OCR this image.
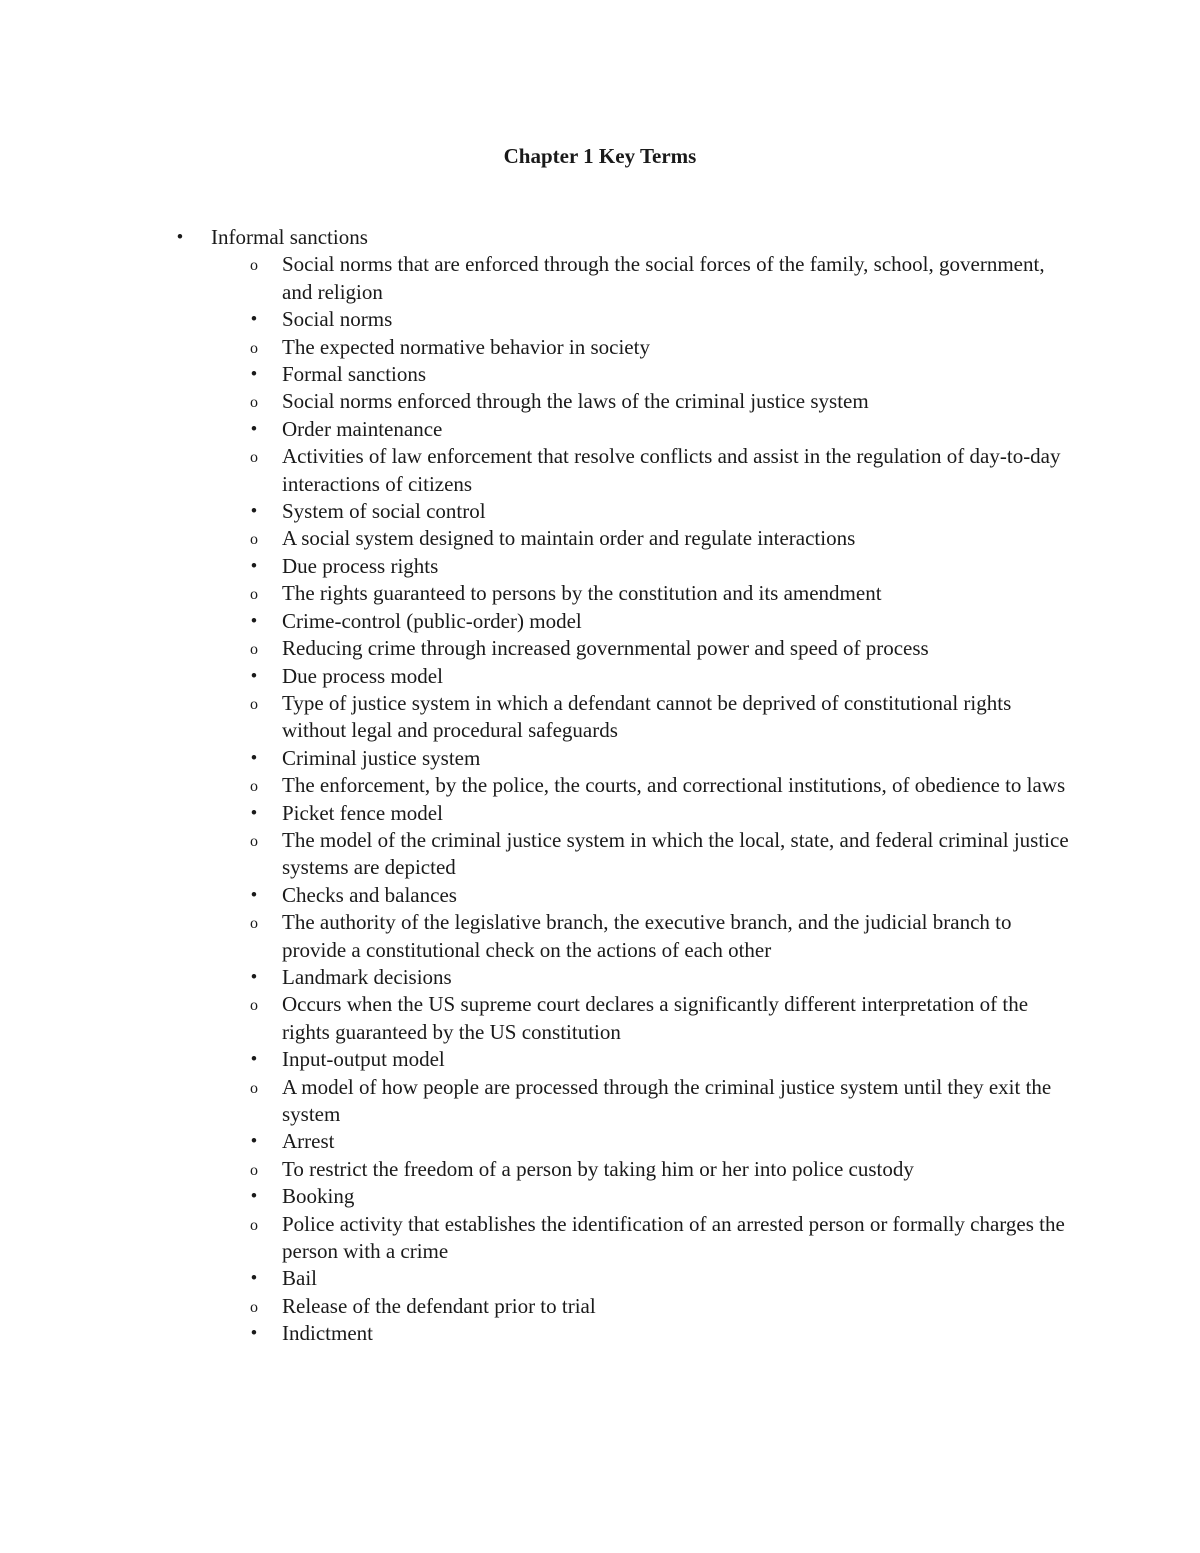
Chapter 1 Key Terms
•	Informal sanctions
o Social norms that are enforced through the social forces of the family, school, government, and religion
•	Social norms
o The expected normative behavior in society
•	Formal sanctions
o Social norms enforced through the laws of the criminal justice system
•	Order maintenance
o Activities of law enforcement that resolve conflicts and assist in the regulation of day-to-day interactions of citizens
•	System of social control
o A social system designed to maintain order and regulate interactions
•	Due process rights
o The rights guaranteed to persons by the constitution and its amendment
•	Crime-control (public-order) model
o Reducing crime through increased governmental power and speed of process
•	Due process model
o Type of justice system in which a defendant cannot be deprived of constitutional rights without legal and procedural safeguards
•	Criminal justice system
o The enforcement, by the police, the courts, and correctional institutions, of obedience to laws
•	Picket fence model
o The model of the criminal justice system in which the local, state, and federal criminal justice systems are depicted
•	Checks and balances
o The authority of the legislative branch, the executive branch, and the judicial branch to provide a constitutional check on the actions of each other
•	Landmark decisions
o Occurs when the US supreme court declares a significantly different interpretation of the rights guaranteed by the US constitution
•	Input-output model
o A model of how people are processed through the criminal justice system until they exit the system
•	Arrest
o To restrict the freedom of a person by taking him or her into police custody
•	Booking
o Police activity that establishes the identification of an arrested person or formally charges the person with a crime
•	Bail
o Release of the defendant prior to trial
•	Indictment
